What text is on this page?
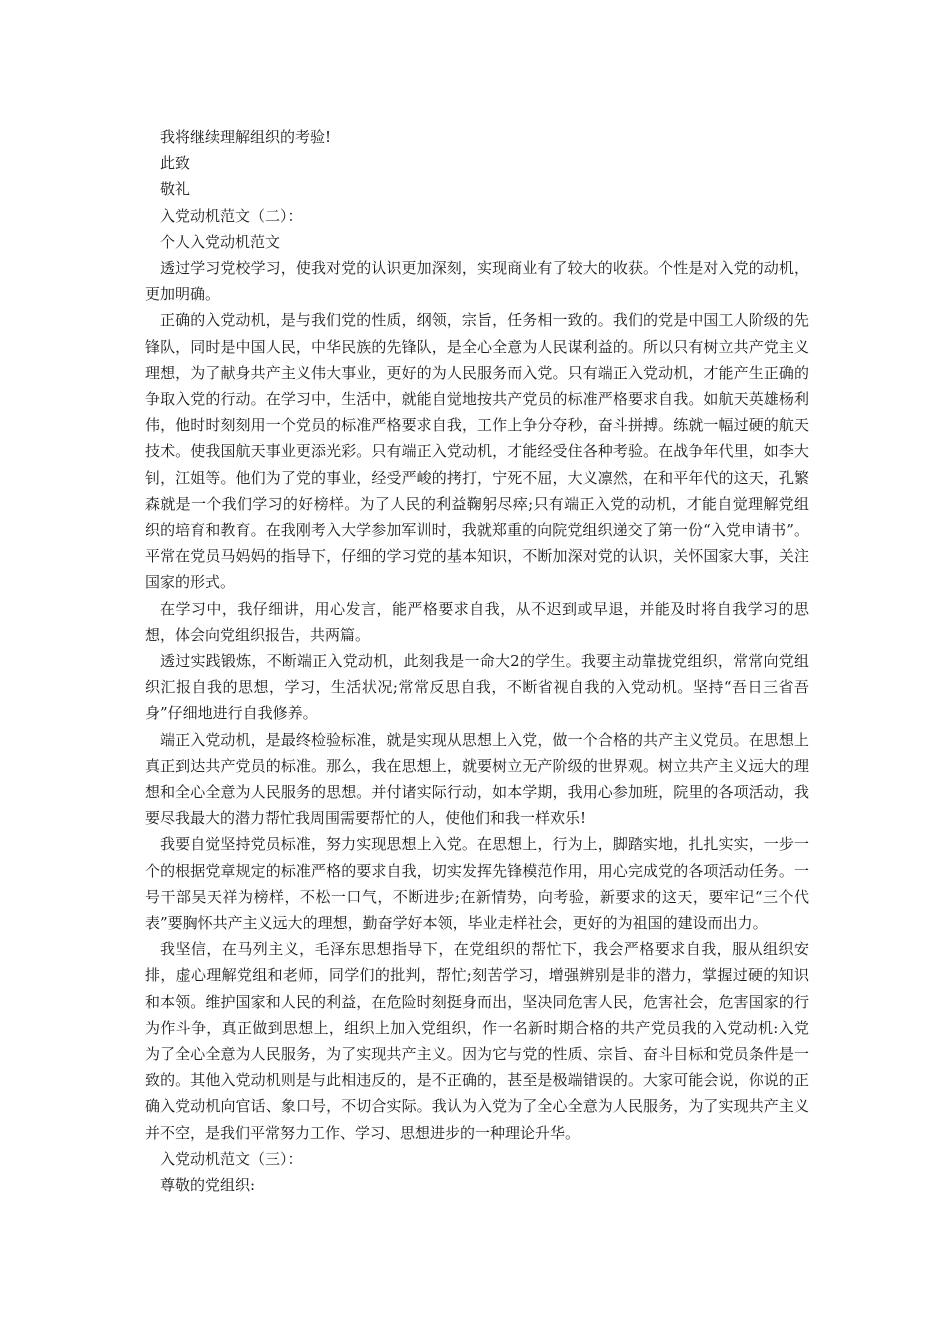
我将继续理解组织的考验!

此致

敬礼

入党动机范文（二）：

个人入党动机范文

透过学习党校学习，使我对党的认识更加深刻，实现商业有了较大的收获。个性是对入党的动机，更加明确。

正确的入党动机，是与我们党的性质，纲领，宗旨，任务相一致的。我们的党是中国工人阶级的先锋队，同时是中国人民，中华民族的先锋队，是全心全意为人民谋利益的。所以只有树立共产党主义理想，为了献身共产主义伟大事业，更好的为人民服务而入党。只有端正入党动机，才能产生正确的争取入党的行动。在学习中，生活中，就能自觉地按共产党员的标准严格要求自我。如航天英雄杨利伟，他时时刻刻用一个党员的标准严格要求自我，工作上争分夺秒，奋斗拼搏。练就一幅过硬的航天技术。使我国航天事业更添光彩。只有端正入党动机，才能经受住各种考验。在战争年代里，如李大钊，江姐等。他们为了党的事业，经受严峻的拷打，宁死不屈，大义凛然，在和平年代的这天，孔繁森就是一个我们学习的好榜样。为了人民的利益鞠躬尽瘁;只有端正入党的动机，才能自觉理解党组织的培育和教育。在我刚考入大学参加军训时，我就郑重的向院党组织递交了第一份“入党申请书”。平常在党员马妈妈的指导下，仔细的学习党的基本知识，不断加深对党的认识，关怀国家大事，关注国家的形式。

在学习中，我仔细讲，用心发言，能严格要求自我，从不迟到或早退，并能及时将自我学习的思想，体会向党组织报告，共两篇。

透过实践锻炼，不断端正入党动机，此刻我是一命大2的学生。我要主动靠拢党组织，常常向党组织汇报自我的思想，学习，生活状况;常常反思自我，不断省视自我的入党动机。坚持“吾日三省吾身”仔细地进行自我修养。

端正入党动机，是最终检验标准，就是实现从思想上入党，做一个合格的共产主义党员。在思想上真正到达共产党员的标准。那么，我在思想上，就要树立无产阶级的世界观。树立共产主义远大的理想和全心全意为人民服务的思想。并付诸实际行动，如本学期，我用心参加班，院里的各项活动，我要尽我最大的潜力帮忙我周围需要帮忙的人，使他们和我一样欢乐!

我要自觉坚持党员标准，努力实现思想上入党。在思想上，行为上，脚踏实地，扎扎实实，一步一个的根据党章规定的标准严格的要求自我，切实发挥先锋模范作用，用心完成党的各项活动任务。一号干部吴天祥为榜样，不松一口气，不断进步;在新情势，向考验，新要求的这天，要牢记“三个代表”要胸怀共产主义远大的理想，勤奋学好本领，毕业走样社会，更好的为祖国的建设而出力。

我坚信，在马列主义，毛泽东思想指导下，在党组织的帮忙下，我会严格要求自我，服从组织安排，虚心理解党组和老师，同学们的批判，帮忙;刻苦学习，增强辨别是非的潜力，掌握过硬的知识和本领。维护国家和人民的利益，在危险时刻挺身而出，坚决同危害人民，危害社会，危害国家的行为作斗争，真正做到思想上，组织上加入党组织，作一名新时期合格的共产党员我的入党动机:入党为了全心全意为人民服务，为了实现共产主义。因为它与党的性质、宗旨、奋斗目标和党员条件是一致的。其他入党动机则是与此相违反的，是不正确的，甚至是极端错误的。大家可能会说，你说的正确入党动机向官话、象口号，不切合实际。我认为入党为了全心全意为人民服务，为了实现共产主义并不空，是我们平常努力工作、学习、思想进步的一种理论升华。

入党动机范文（三）：

尊敬的党组织:
